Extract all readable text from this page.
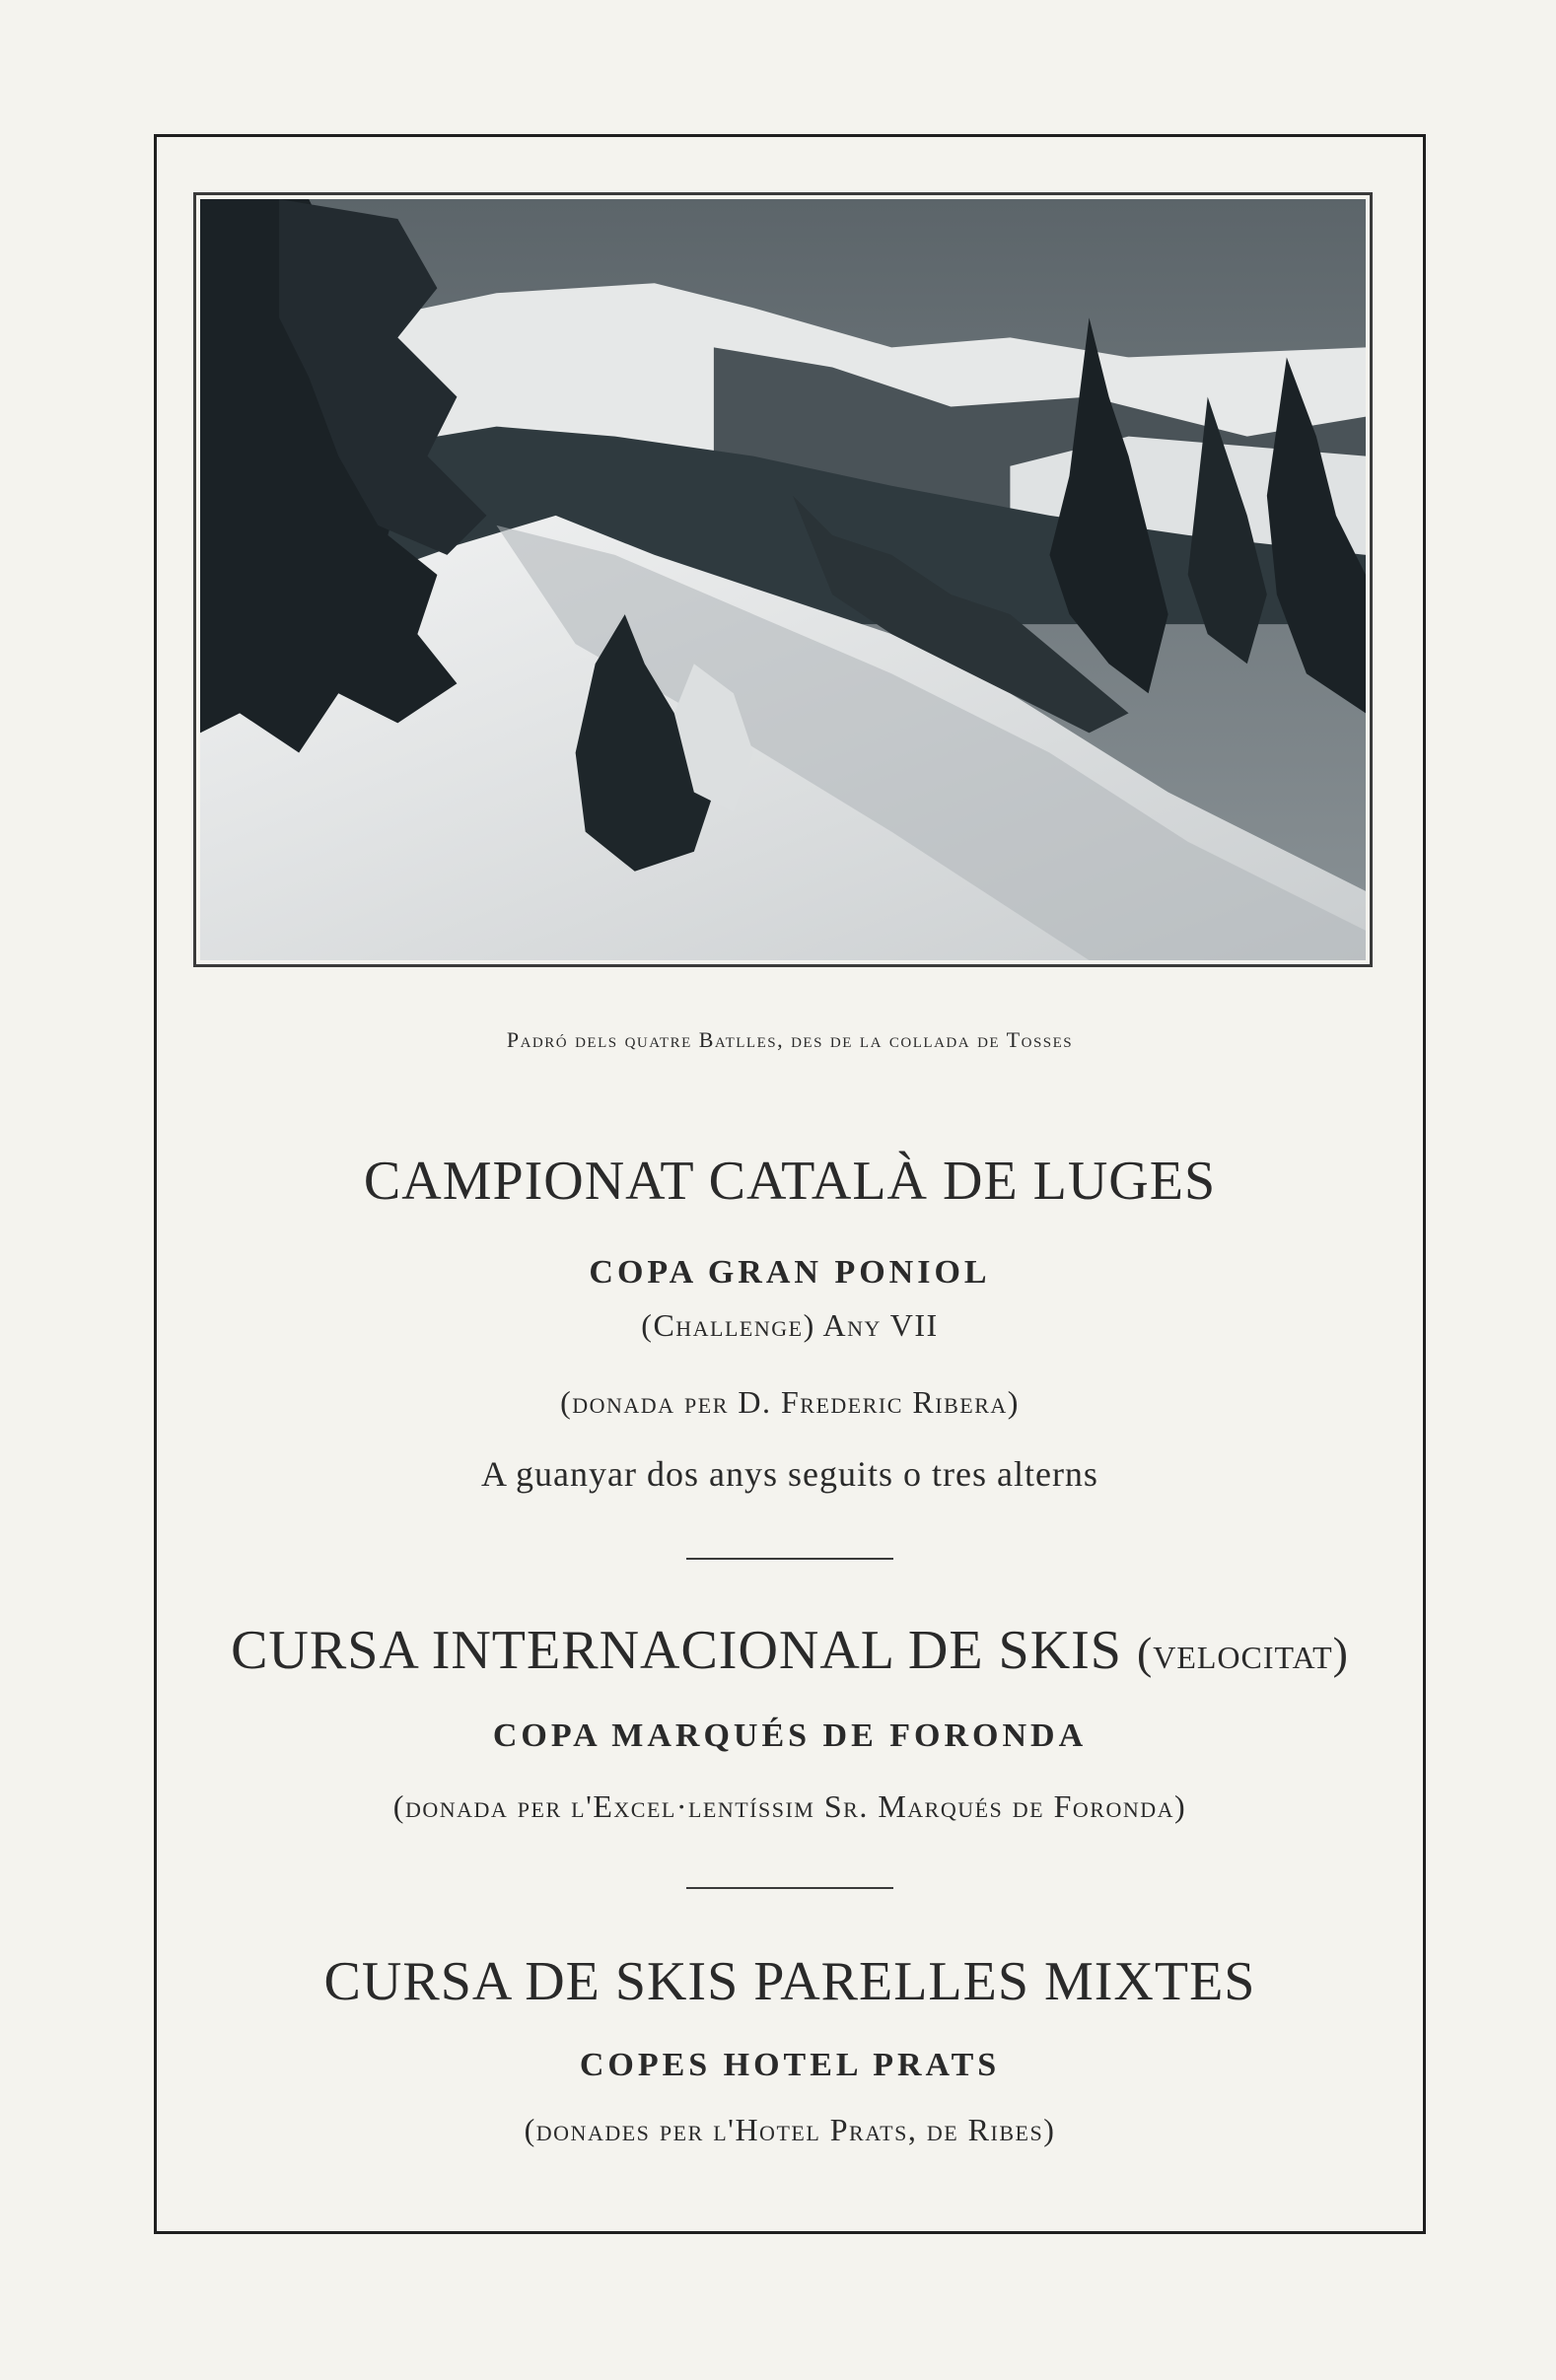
Padró dels quatre Batlles, des de la collada de Tosses
CAMPIONAT CATALÀ DE LUGES
COPA GRAN PONIOL
(Challenge) Any VII
(donada per D. Frederic Ribera)
A guanyar dos anys seguits o tres alterns
CURSA INTERNACIONAL DE SKIS (velocitat)
COPA MARQUÉS DE FORONDA
(donada per l'Excel·lentíssim Sr. Marqués de Foronda)
CURSA DE SKIS PARELLES MIXTES
COPES HOTEL PRATS
(donades per l'Hotel Prats, de Ribes)
